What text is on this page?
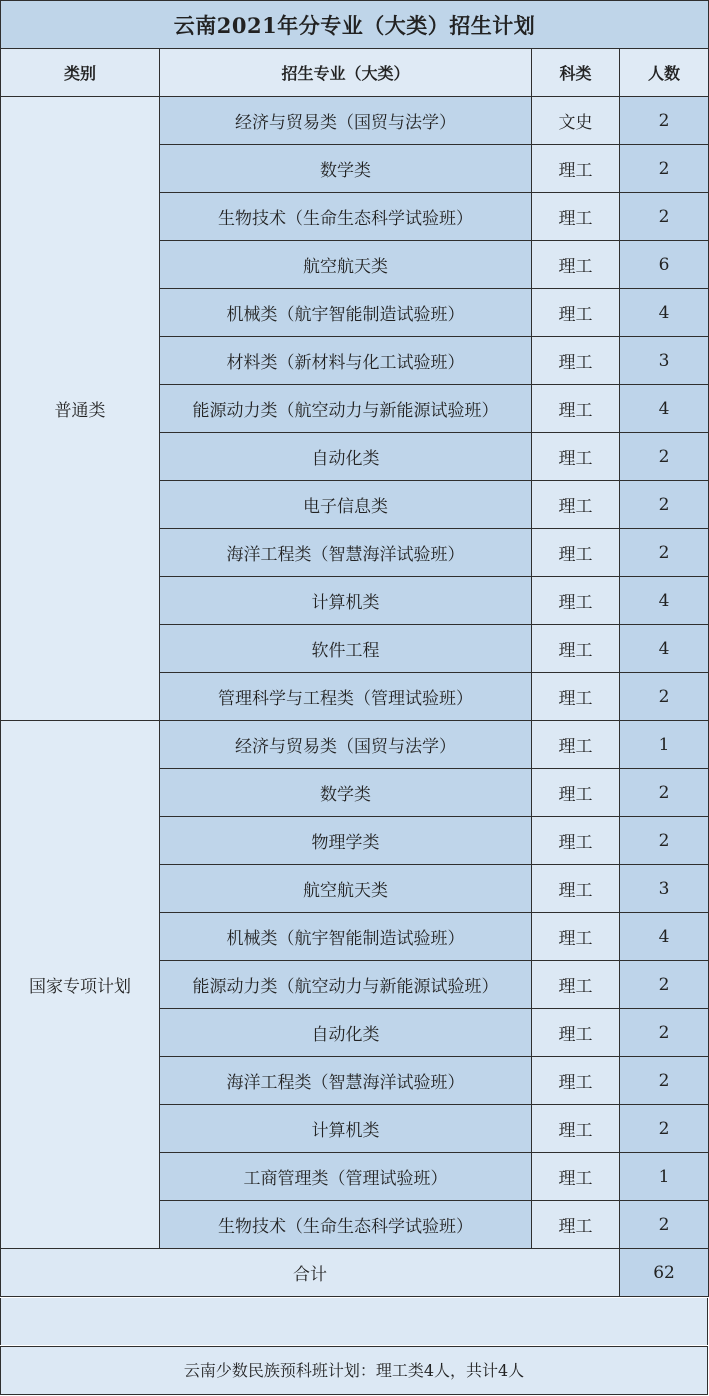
云南2021年分专业（大类）招生计划			
类别	招生专业（大类）	科类	人数
普通类	经济与贸易类（国贸与法学）	文史	2
	数学类	理工	2
	生物技术（生命生态科学试验班）	理工	2
	航空航天类	理工	6
	机械类（航宇智能制造试验班）	理工	4
	材料类（新材料与化工试验班）	理工	3
	能源动力类（航空动力与新能源试验班）	理工	4
	自动化类	理工	2
	电子信息类	理工	2
	海洋工程类（智慧海洋试验班）	理工	2
	计算机类	理工	4
	软件工程	理工	4
	管理科学与工程类（管理试验班）	理工	2
国家专项计划	经济与贸易类（国贸与法学）	理工	1
	数学类	理工	2
	物理学类	理工	2
	航空航天类	理工	3
	机械类（航宇智能制造试验班）	理工	4
	能源动力类（航空动力与新能源试验班）	理工	2
	自动化类	理工	2
	海洋工程类（智慧海洋试验班）	理工	2
	计算机类	理工	2
	工商管理类（管理试验班）	理工	1
	生物技术（生命生态科学试验班）	理工	2
合计			62
云南少数民族预科班计划：理工类4人，共计4人
